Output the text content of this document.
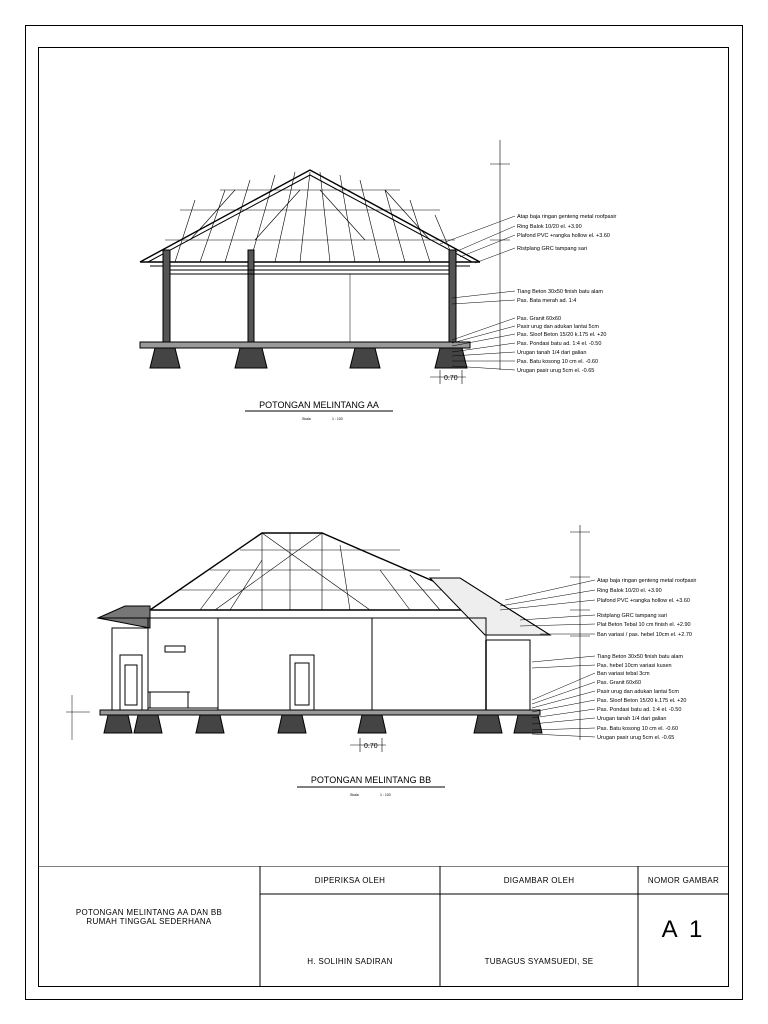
Atap baja ringan genteng metal roofpasir
Ring Balok 10/20 el. +3.90
Plafond PVC +rangka hollow el. +3.60
Ristplang GRC tampang sari
Tiang Beton 30x50 finish batu alam
Pas. Bata merah ad. 1:4
Pas. Granit 60x60
Pasir urug dan adukan lantai 5cm
Pas. Sloof Beton 15/20 k.175 el. +20
Pas. Pondasi batu ad. 1:4 el. -0.50
Urugan tanah 1/4 dari galian
Pas. Batu kosong 10 cm el. -0.60
Urugan pasir urug 5cm el. -0.65
0.70
POTONGAN MELINTANG AA
Skala	1 : 100
Atap baja ringan genteng metal roofpasir
Ring Balok 10/20 el. +3.90
Plafond PVC +rangka hollow el. +3.60
Ristplang GRC tampang sari
Plat Beton Tebal 10 cm finish el. +2.90
Ban variasi / pas. hebel 10cm el. +2.70
Tiang Beton 30x50 finish batu alam
Pas. hebel 10cm variasi kusen
Ban variasi tebal 3cm
Pas. Granit 60x60
Pasir urug dan adukan lantai 5cm
Pas. Sloof Beton 15/20 k.175 el. +20
Pas. Pondasi batu ad. 1:4 el. -0.50
Urugan tanah 1/4 dari galian
Pas. Batu kosong 10 cm el. -0.60
Urugan pasir urug 5cm el. -0.65
0.70
POTONGAN MELINTANG BB
Skala	1 : 100
POTONGAN MELINTANG AA DAN BB
RUMAH TINGGAL SEDERHANA
DIPERIKSA OLEH
H. SOLIHIN SADIRAN
DIGAMBAR OLEH
TUBAGUS SYAMSUEDI, SE
NOMOR GAMBAR
A 1
